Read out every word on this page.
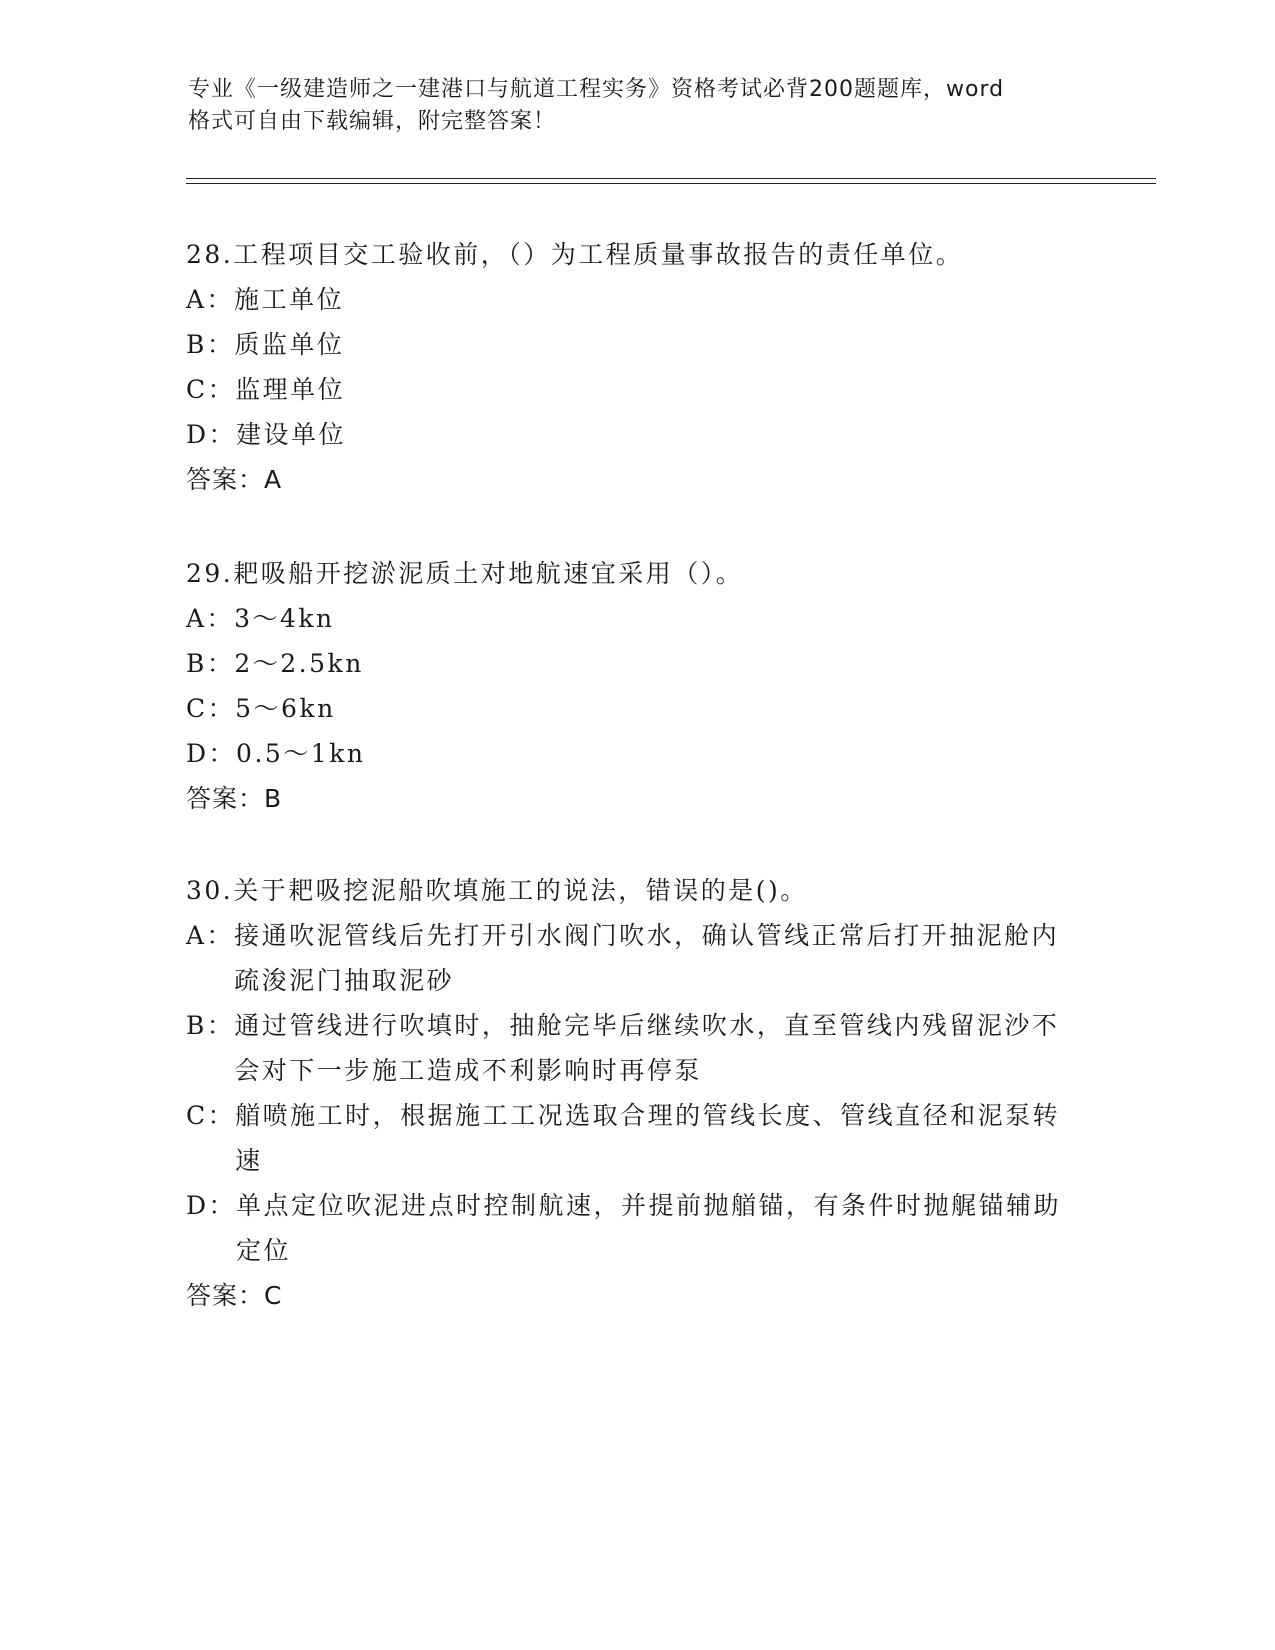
专业《一级建造师之一建港口与航道工程实务》资格考试必背200题题库，word
格式可自由下载编辑，附完整答案！

28.工程项目交工验收前，（）为工程质量事故报告的责任单位。

A： 施工单位
B： 质监单位
C： 监理单位
D： 建设单位

答案：A

29.耙吸船开挖淤泥质土对地航速宜采用（）。

A： 3～4kn
B： 2～2.5kn
C： 5～6kn
D： 0.5～1kn

答案：B

30.关于耙吸挖泥船吹填施工的说法，错误的是()。

A： 接通吹泥管线后先打开引水阀门吹水，确认管线正常后打开抽泥舱内疏浚泥门抽取泥砂
B： 通过管线进行吹填时，抽舱完毕后继续吹水，直至管线内残留泥沙不会对下一步施工造成不利影响时再停泵
C： 艏喷施工时，根据施工工况选取合理的管线长度、管线直径和泥泵转速
D： 单点定位吹泥进点时控制航速，并提前抛艏锚，有条件时抛艉锚辅助定位

答案：C
